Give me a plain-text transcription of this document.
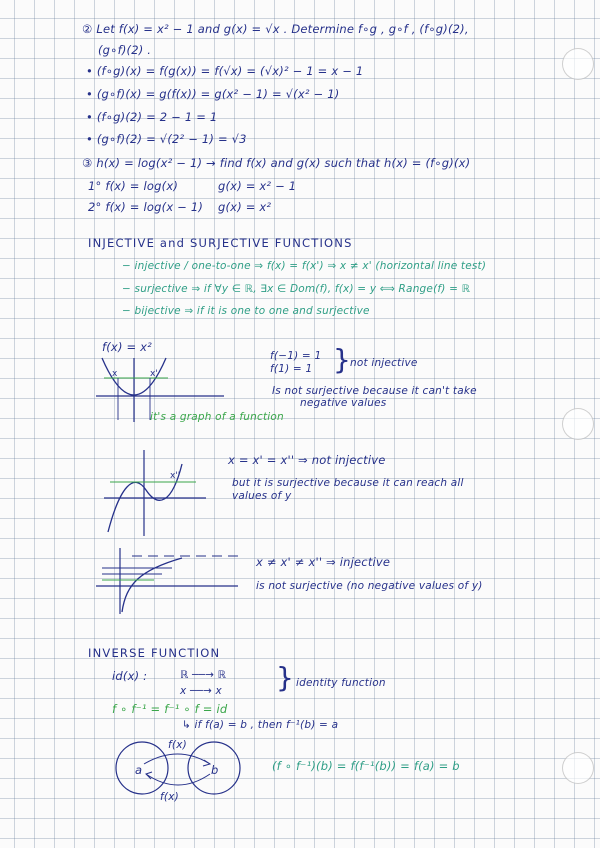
② Let f(x) = x² − 1 and g(x) = √x . Determine f∘g , g∘f , (f∘g)(2),
(g∘f)(2) .
• (f∘g)(x) = f(g(x)) = f(√x) = (√x)² − 1 = x − 1
• (g∘f)(x) = g(f(x)) = g(x² − 1) = √(x² − 1)
• (f∘g)(2) = 2 − 1 = 1
• (g∘f)(2) = √(2² − 1) = √3
③ h(x) = log(x² − 1) → find f(x) and g(x) such that h(x) = (f∘g)(x)
1° f(x) = log(x)	g(x) = x² − 1
2° f(x) = log(x − 1) g(x) = x²
INJECTIVE and SURJECTIVE FUNCTIONS
− injective / one-to-one ⇒ f(x) = f(x') ⇒ x ≠ x' (horizontal line test)
− surjective ⇒ if ∀y ∈ ℝ, ∃x ∈ Dom(f), f(x) = y ⟺ Range(f) = ℝ
− bijective ⇒ if it is one to one and surjective
f(x) = x²
x	x'
f(−1) = 1
f(1) = 1 } not injective
Is not surjective because it can't take
negative values
it's a graph of a function
x''
x = x' = x'' ⇒ not injective
but it is surjective because it can reach all
values of y
x ≠ x' ≠ x'' ⇒ injective
is not surjective (no negative values of y)
INVERSE FUNCTION
id(x) :	ℝ ──→ ℝ
x ──→ x } identity function
f ∘ f⁻¹ = f⁻¹ ∘ f = id
↳ if f(a) = b , then f⁻¹(b) = a
a	b
f(x)
f(x)
(f ∘ f⁻¹)(b) = f(f⁻¹(b)) = f(a) = b
